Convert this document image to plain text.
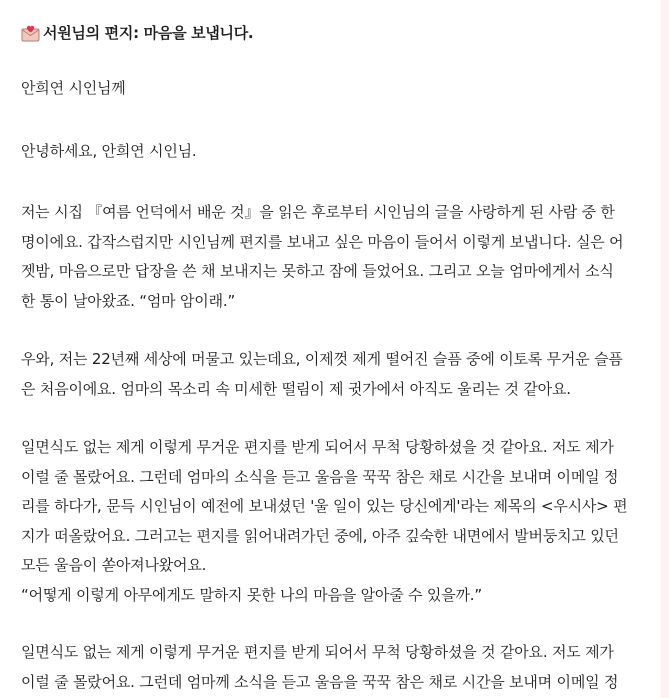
서원님의 편지: 마음을 보냅니다.
안희연 시인님께
안녕하세요, 안희연 시인님.
저는 시집 『여름 언덕에서 배운 것』을 읽은 후로부터 시인님의 글을 사랑하게 된 사람 중 한
명이에요. 갑작스럽지만 시인님께 편지를 보내고 싶은 마음이 들어서 이렇게 보냅니다. 실은 어
젯밤, 마음으로만 답장을 쓴 채 보내지는 못하고 잠에 들었어요. 그리고 오늘 엄마에게서 소식
한 통이 날아왔죠. “엄마 암이래.”
우와, 저는 22년째 세상에 머물고 있는데요, 이제껏 제게 떨어진 슬픔 중에 이토록 무거운 슬픔
은 처음이에요. 엄마의 목소리 속 미세한 떨림이 제 귓가에서 아직도 울리는 것 같아요.
일면식도 없는 제게 이렇게 무거운 편지를 받게 되어서 무척 당황하셨을 것 같아요. 저도 제가
이럴 줄 몰랐어요. 그런데 엄마의 소식을 듣고 울음을 꾹꾹 참은 채로 시간을 보내며 이메일 정
리를 하다가, 문득 시인님이 예전에 보내셨던 '울 일이 있는 당신에게'라는 제목의 <우시사> 편
지가 떠올랐어요. 그러고는 편지를 읽어내려가던 중에, 아주 깊숙한 내면에서 발버둥치고 있던
모든 울음이 쏟아져나왔어요.
“어떻게 이렇게 아무에게도 말하지 못한 나의 마음을 알아줄 수 있을까.”
일면식도 없는 제게 이렇게 무거운 편지를 받게 되어서 무척 당황하셨을 것 같아요. 저도 제가
이럴 줄 몰랐어요. 그런데 엄마께 소식을 듣고 울음을 꾹꾹 참은 채로 시간을 보내며 이메일 정
